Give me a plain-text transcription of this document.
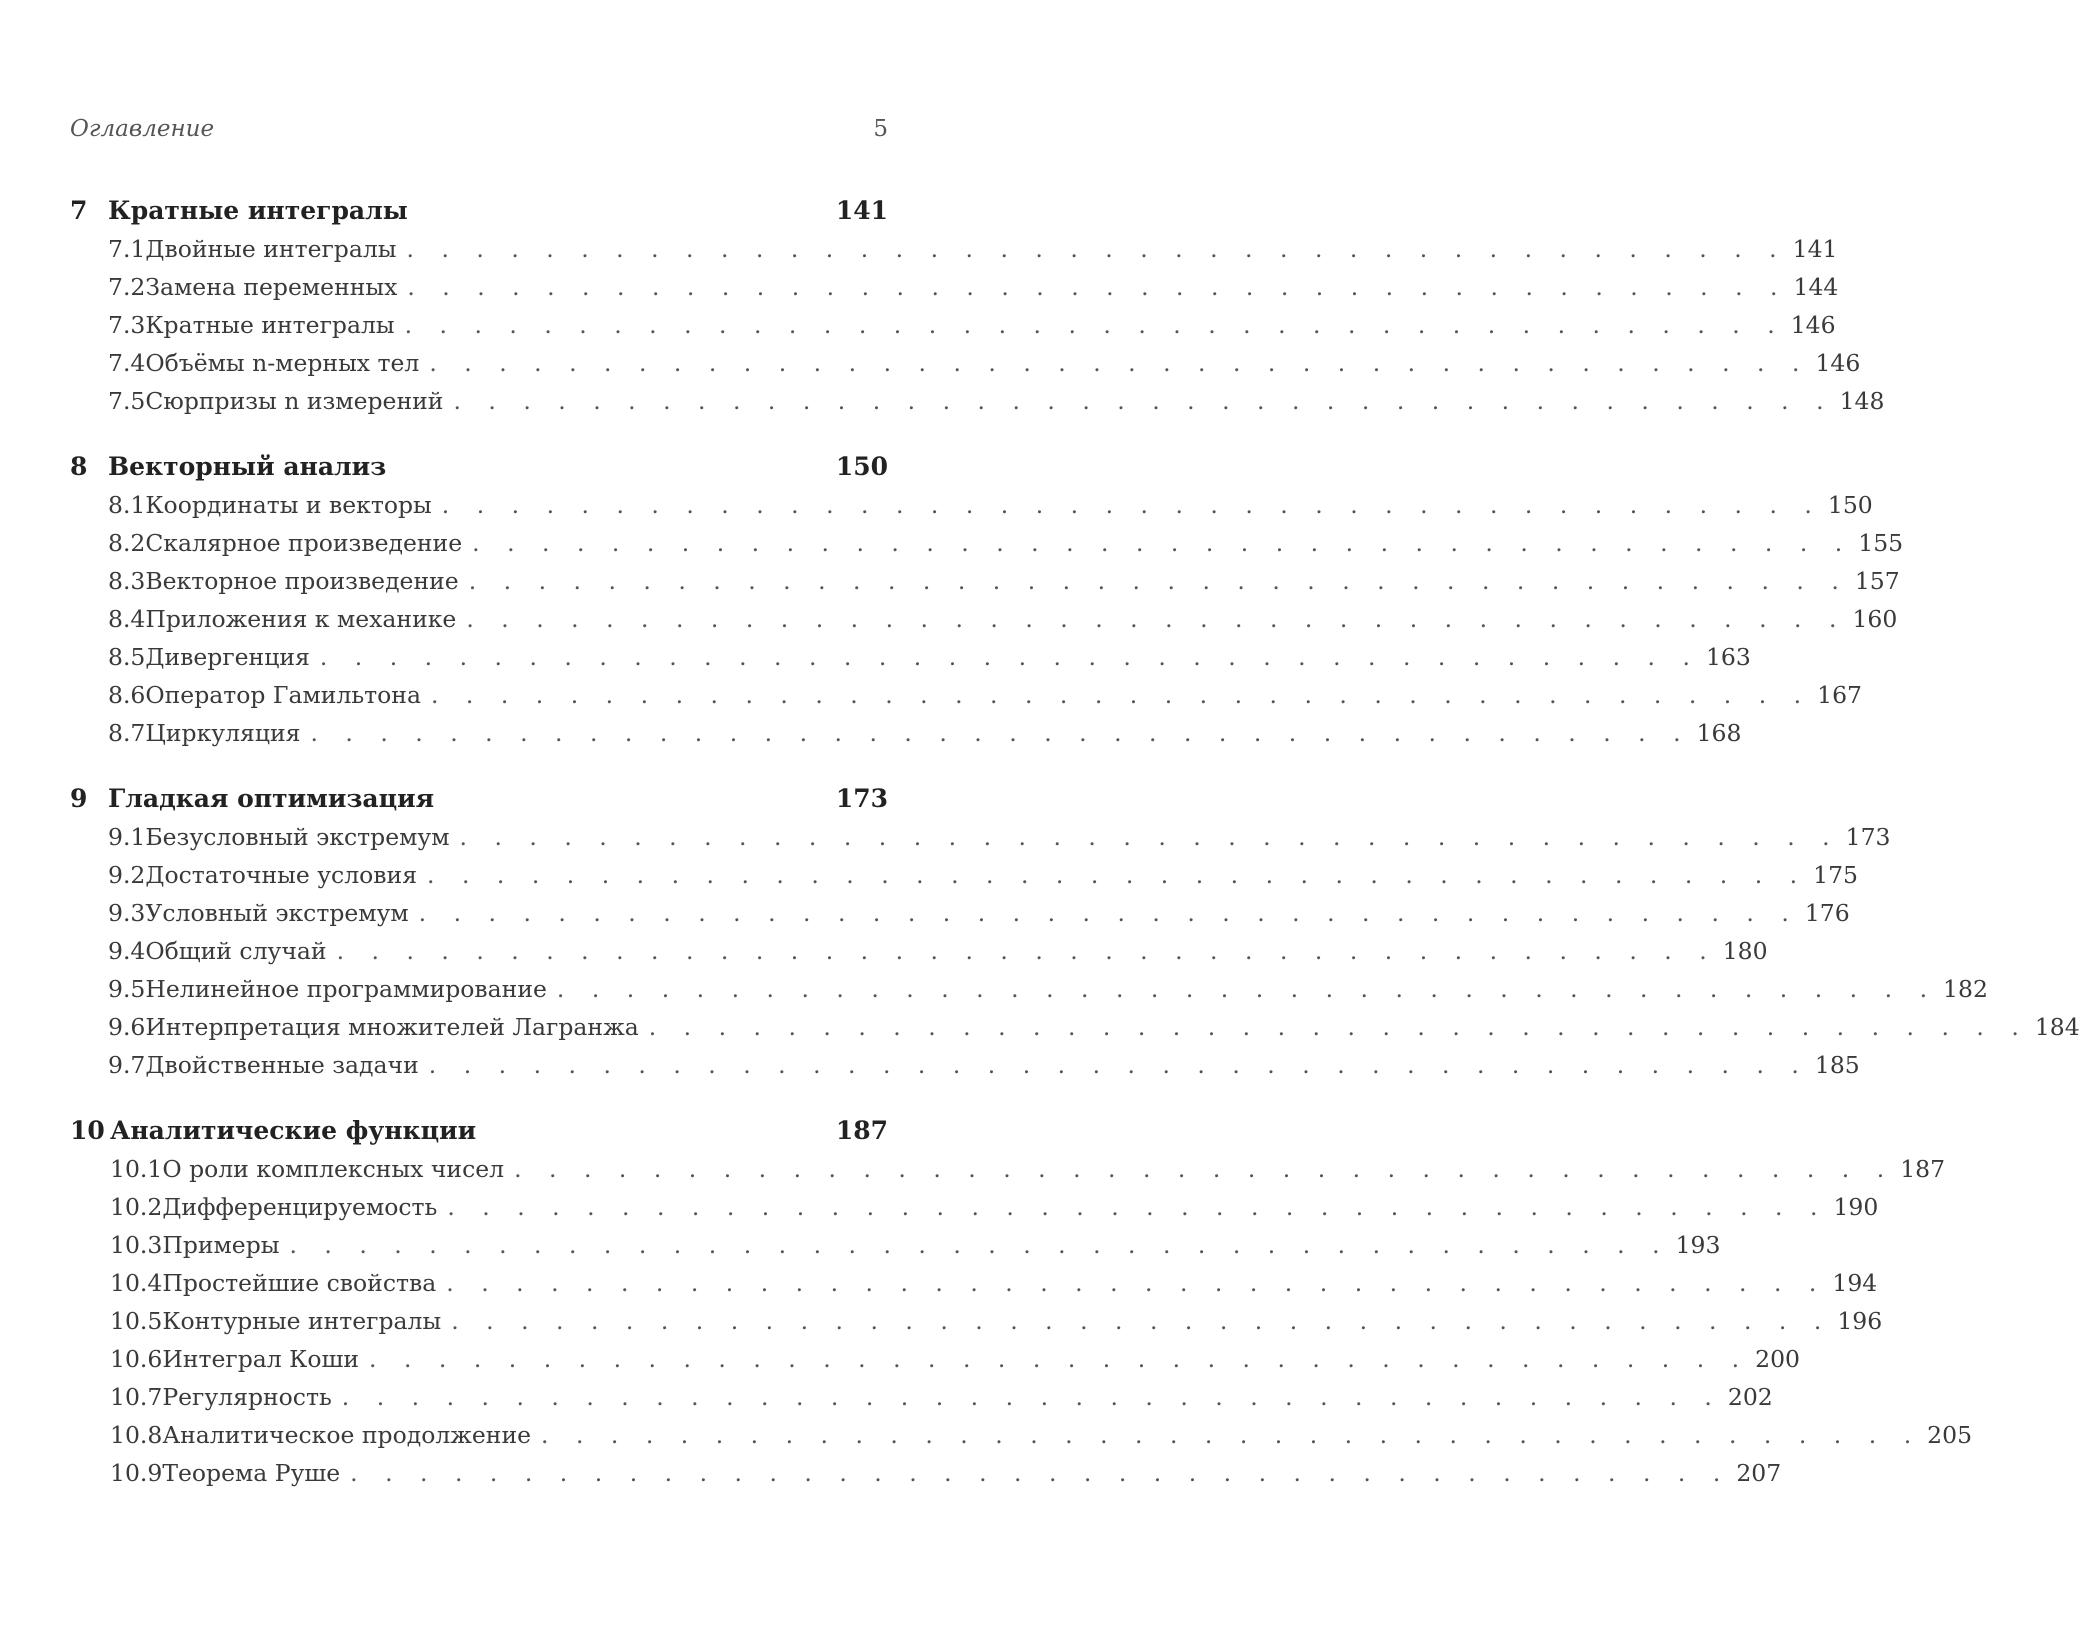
Оглавление	5
7 Кратные интегралы	141
7.1 Двойные интегралы . . . . . . . . . . . . . . . . . . . . . . . . . . . . . . . . . . . . . . . . 141
7.2 Замена переменных . . . . . . . . . . . . . . . . . . . . . . . . . . . . . . . . . . . . . . . . 144
7.3 Кратные интегралы . . . . . . . . . . . . . . . . . . . . . . . . . . . . . . . . . . . . . . . . 146
7.4 Объёмы n-мерных тел . . . . . . . . . . . . . . . . . . . . . . . . . . . . . . . . . . . . . . . . 146
7.5 Сюрпризы n измерений . . . . . . . . . . . . . . . . . . . . . . . . . . . . . . . . . . . . . . . . 148
8 Векторный анализ	150
8.1 Координаты и векторы . . . . . . . . . . . . . . . . . . . . . . . . . . . . . . . . . . . . . . . . 150
8.2 Скалярное произведение . . . . . . . . . . . . . . . . . . . . . . . . . . . . . . . . . . . . . . . . 155
8.3 Векторное произведение . . . . . . . . . . . . . . . . . . . . . . . . . . . . . . . . . . . . . . . . 157
8.4 Приложения к механике . . . . . . . . . . . . . . . . . . . . . . . . . . . . . . . . . . . . . . . . 160
8.5 Дивергенция . . . . . . . . . . . . . . . . . . . . . . . . . . . . . . . . . . . . . . . . 163
8.6 Оператор Гамильтона . . . . . . . . . . . . . . . . . . . . . . . . . . . . . . . . . . . . . . . . 167
8.7 Циркуляция . . . . . . . . . . . . . . . . . . . . . . . . . . . . . . . . . . . . . . . . 168
9 Гладкая оптимизация	173
9.1 Безусловный экстремум . . . . . . . . . . . . . . . . . . . . . . . . . . . . . . . . . . . . . . . . 173
9.2 Достаточные условия . . . . . . . . . . . . . . . . . . . . . . . . . . . . . . . . . . . . . . . . 175
9.3 Условный экстремум . . . . . . . . . . . . . . . . . . . . . . . . . . . . . . . . . . . . . . . . 176
9.4 Общий случай . . . . . . . . . . . . . . . . . . . . . . . . . . . . . . . . . . . . . . . . 180
9.5 Нелинейное программирование . . . . . . . . . . . . . . . . . . . . . . . . . . . . . . . . . . . . . . . . 182
9.6 Интерпретация множителей Лагранжа . . . . . . . . . . . . . . . . . . . . . . . . . . . . . . . . . . . . . . . . 184
9.7 Двойственные задачи . . . . . . . . . . . . . . . . . . . . . . . . . . . . . . . . . . . . . . . . 185
10 Аналитические функции	187
10.1 О роли комплексных чисел . . . . . . . . . . . . . . . . . . . . . . . . . . . . . . . . . . . . . . . . 187
10.2 Дифференцируемость . . . . . . . . . . . . . . . . . . . . . . . . . . . . . . . . . . . . . . . . 190
10.3 Примеры . . . . . . . . . . . . . . . . . . . . . . . . . . . . . . . . . . . . . . . . 193
10.4 Простейшие свойства . . . . . . . . . . . . . . . . . . . . . . . . . . . . . . . . . . . . . . . . 194
10.5 Контурные интегралы . . . . . . . . . . . . . . . . . . . . . . . . . . . . . . . . . . . . . . . . 196
10.6 Интеграл Коши . . . . . . . . . . . . . . . . . . . . . . . . . . . . . . . . . . . . . . . . 200
10.7 Регулярность . . . . . . . . . . . . . . . . . . . . . . . . . . . . . . . . . . . . . . . . 202
10.8 Аналитическое продолжение . . . . . . . . . . . . . . . . . . . . . . . . . . . . . . . . . . . . . . . . 205
10.9 Теорема Руше . . . . . . . . . . . . . . . . . . . . . . . . . . . . . . . . . . . . . . . . 207
